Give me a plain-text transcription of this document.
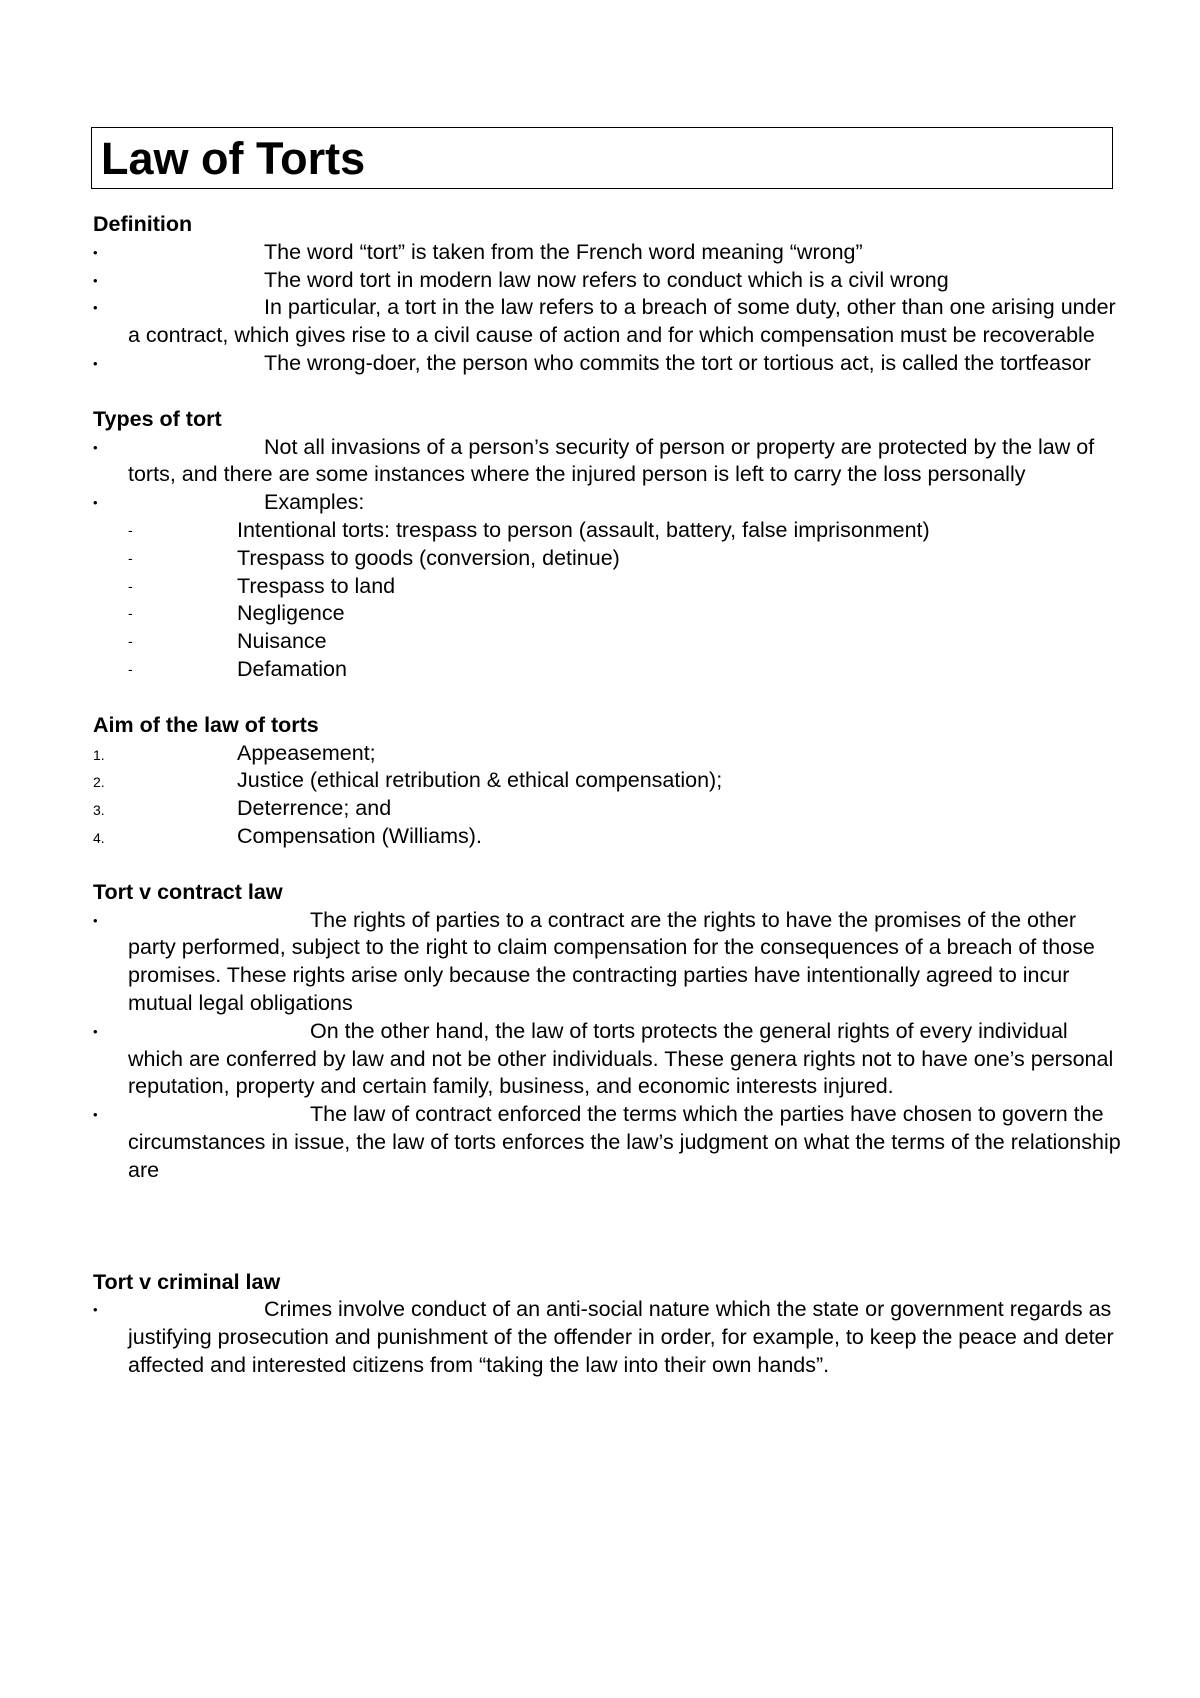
Law of Torts

Definition

•	The word “tort” is taken from the French word meaning “wrong”
•	The word tort in modern law now refers to conduct which is a civil wrong
•	In particular, a tort in the law refers to a breach of some duty, other than one arising under a contract, which gives rise to a civil cause of action and for which compensation must be recoverable
•	The wrong-doer, the person who commits the tort or tortious act, is called the tortfeasor

Types of tort

•	Not all invasions of a person’s security of person or property are protected by the law of torts, and there are some instances where the injured person is left to carry the loss personally
•	Examples:
-	Intentional torts: trespass to person (assault, battery, false imprisonment)
-	Trespass to goods (conversion, detinue)
-	Trespass to land
-	Negligence
-	Nuisance
-	Defamation

Aim of the law of torts

1.	Appeasement;
2.	Justice (ethical retribution & ethical compensation);
3.	Deterrence; and
4.	Compensation (Williams).

Tort v contract law

•	The rights of parties to a contract are the rights to have the promises of the other party performed, subject to the right to claim compensation for the consequences of a breach of those promises. These rights arise only because the contracting parties have intentionally agreed to incur mutual legal obligations
•	On the other hand, the law of torts protects the general rights of every individual which are conferred by law and not be other individuals. These genera rights not to have one’s personal reputation, property and certain family, business, and economic interests injured.
•	The law of contract enforced the terms which the parties have chosen to govern the circumstances in issue, the law of torts enforces the law’s judgment on what the terms of the relationship are

Tort v criminal law

•	Crimes involve conduct of an anti-social nature which the state or government regards as justifying prosecution and punishment of the offender in order, for example, to keep the peace and deter affected and interested citizens from “taking the law into their own hands”.
